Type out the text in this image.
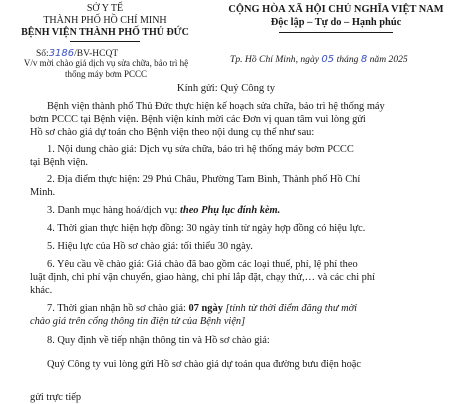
SỞ Y TẾ
THÀNH PHỐ HỒ CHÍ MINH
BỆNH VIỆN THÀNH PHỐ THỦ ĐỨC
Số:3186/BV-HCQT
V/v mời chào giá dịch vụ sửa chữa, bảo trì hệ
thống máy bơm PCCC
CỘNG HÒA XÃ HỘI CHỦ NGHĨA VIỆT NAM
Độc lập – Tự do – Hạnh phúc
Tp. Hồ Chí Minh, ngày 05 tháng 8 năm 2025
Kính gửi: Quý Công ty
Bệnh viện thành phố Thủ Đức thực hiện kế hoạch sửa chữa, bảo trì hệ thống máy
bơm PCCC tại Bệnh viện. Bệnh viện kính mời các Đơn vị quan tâm vui lòng gửi
Hồ sơ chào giá dự toán cho Bệnh viện theo nội dung cụ thể như sau:
1. Nội dung chào giá: Dịch vụ sửa chữa, bảo trì hệ thống máy bơm PCCC
tại Bệnh viện.
2. Địa điểm thực hiện: 29 Phú Châu, Phường Tam Bình, Thành phố Hồ Chí
Minh.
3. Danh mục hàng hoá/dịch vụ: theo Phụ lục đính kèm.
4. Thời gian thực hiện hợp đồng: 30 ngày tính từ ngày hợp đồng có hiệu lực.
5. Hiệu lực của Hồ sơ chào giá: tối thiểu 30 ngày.
6. Yêu cầu về chào giá: Giá chào đã bao gồm các loại thuế, phí, lệ phí theo
luật định, chi phí vận chuyển, giao hàng, chi phí lắp đặt, chạy thử,… và các chi phí
khác.
7. Thời gian nhận hồ sơ chào giá: 07 ngày [tính từ thời điểm đăng thư mời
chào giá trên cổng thông tin điện tử của Bệnh viện]
8. Quy định về tiếp nhận thông tin và Hồ sơ chào giá:
Quý Công ty vui lòng gửi Hồ sơ chào giá dự toán qua đường bưu điện hoặc
gửi trực tiếp
